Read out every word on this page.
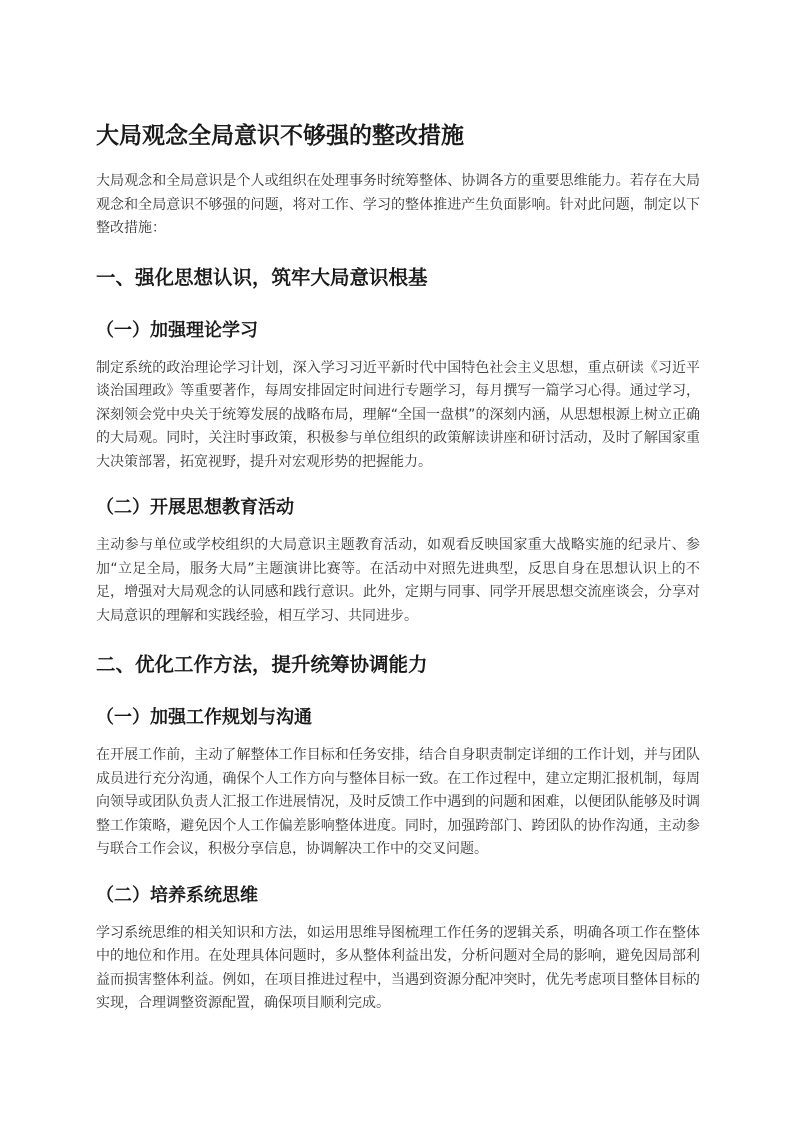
大局观念全局意识不够强的整改措施

大局观念和全局意识是个人或组织在处理事务时统筹整体、协调各方的重要思维能力。若存在大局观念和全局意识不够强的问题，将对工作、学习的整体推进产生负面影响。针对此问题，制定以下整改措施：

一、强化思想认识，筑牢大局意识根基
（一）加强理论学习

制定系统的政治理论学习计划，深入学习习近平新时代中国特色社会主义思想，重点研读《习近平谈治国理政》等重要著作，每周安排固定时间进行专题学习，每月撰写一篇学习心得。通过学习，深刻领会党中央关于统筹发展的战略布局，理解“全国一盘棋”的深刻内涵，从思想根源上树立正确的大局观。同时，关注时事政策，积极参与单位组织的政策解读讲座和研讨活动，及时了解国家重大决策部署，拓宽视野，提升对宏观形势的把握能力。

（二）开展思想教育活动

主动参与单位或学校组织的大局意识主题教育活动，如观看反映国家重大战略实施的纪录片、参加“立足全局，服务大局”主题演讲比赛等。在活动中对照先进典型，反思自身在思想认识上的不足，增强对大局观念的认同感和践行意识。此外，定期与同事、同学开展思想交流座谈会，分享对大局意识的理解和实践经验，相互学习、共同进步。

二、优化工作方法，提升统筹协调能力
（一）加强工作规划与沟通

在开展工作前，主动了解整体工作目标和任务安排，结合自身职责制定详细的工作计划，并与团队成员进行充分沟通，确保个人工作方向与整体目标一致。在工作过程中，建立定期汇报机制，每周向领导或团队负责人汇报工作进展情况，及时反馈工作中遇到的问题和困难，以便团队能够及时调整工作策略，避免因个人工作偏差影响整体进度。同时，加强跨部门、跨团队的协作沟通，主动参与联合工作会议，积极分享信息，协调解决工作中的交叉问题。

（二）培养系统思维

学习系统思维的相关知识和方法，如运用思维导图梳理工作任务的逻辑关系，明确各项工作在整体中的地位和作用。在处理具体问题时，多从整体利益出发，分析问题对全局的影响，避免因局部利益而损害整体利益。例如，在项目推进过程中，当遇到资源分配冲突时，优先考虑项目整体目标的实现，合理调整资源配置，确保项目顺利完成。
